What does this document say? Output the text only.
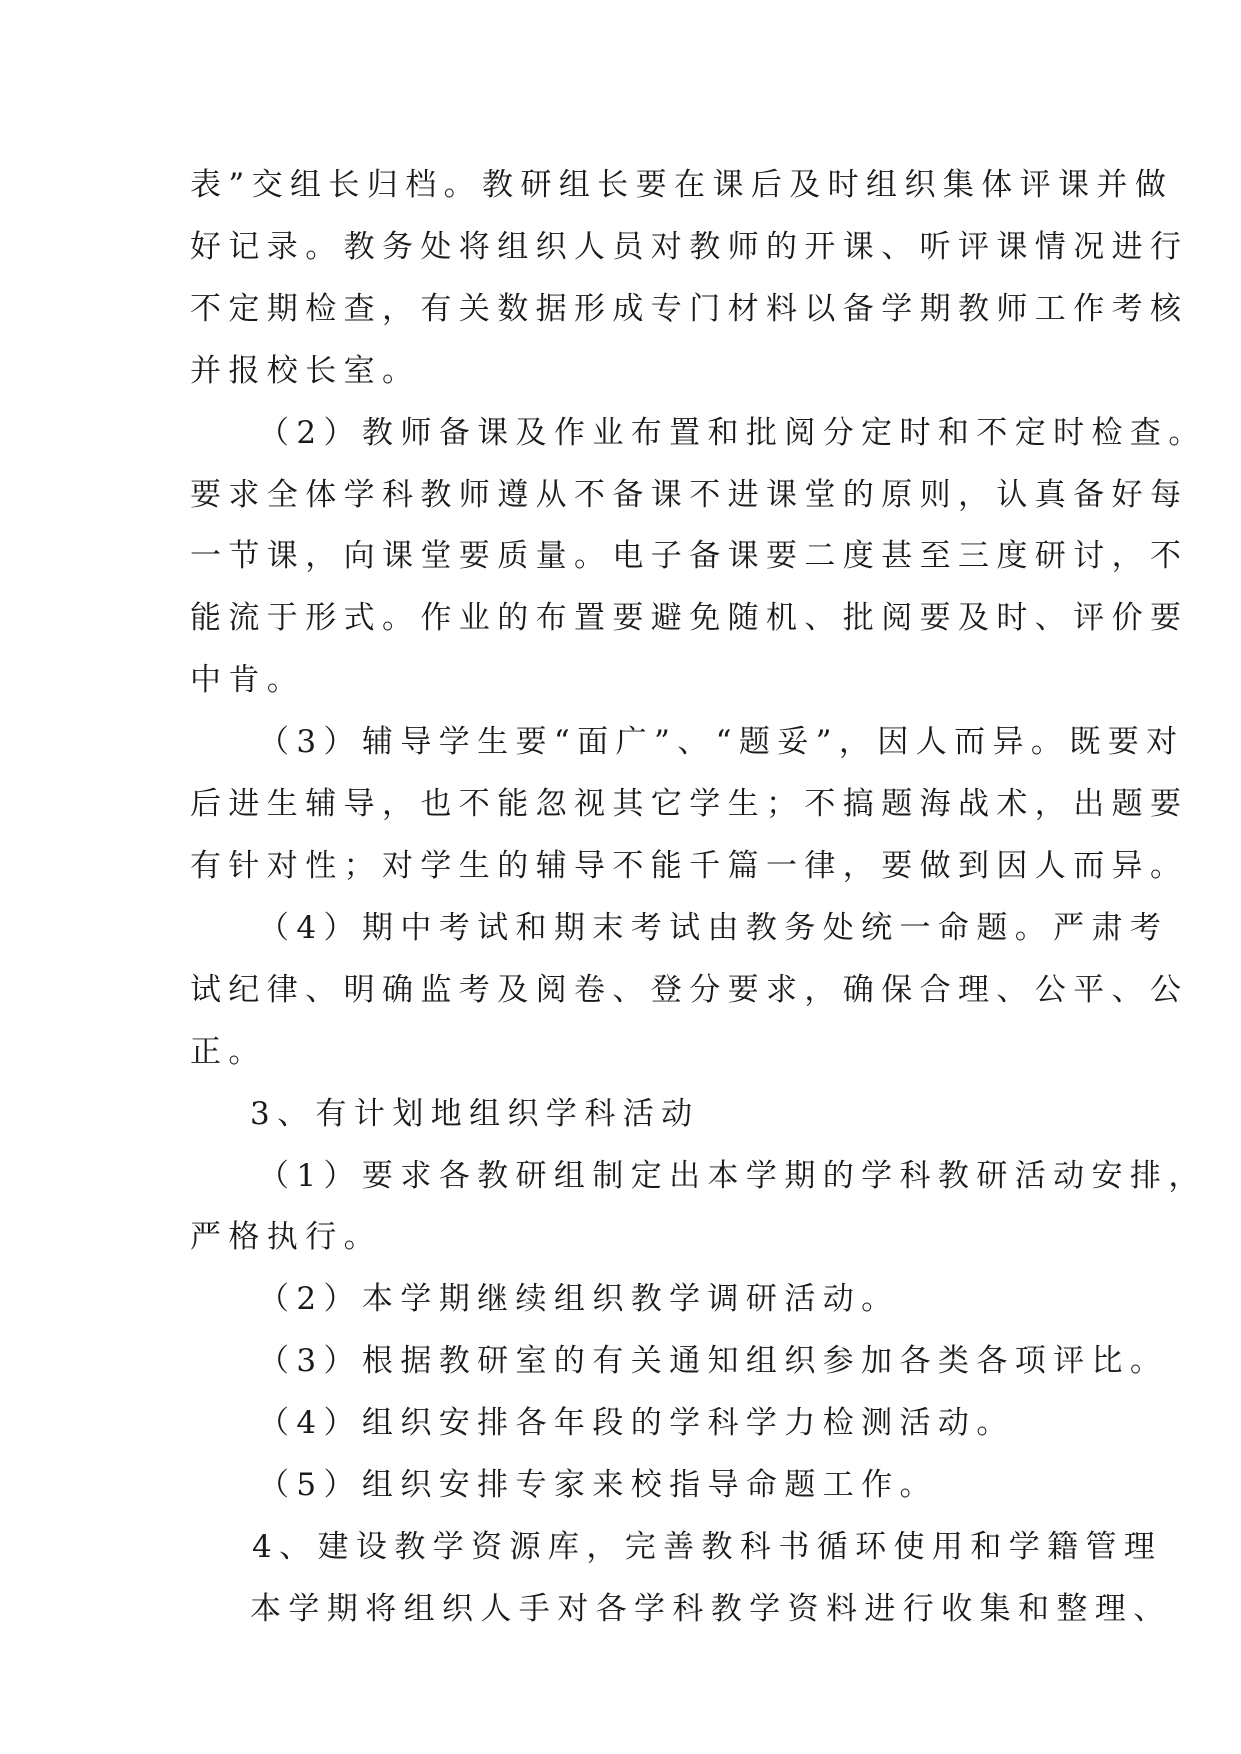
表”交组长归档。教研组长要在课后及时组织集体评课并做

好记录。教务处将组织人员对教师的开课、听评课情况进行

不定期检查，有关数据形成专门材料以备学期教师工作考核

并报校长室。

（2）教师备课及作业布置和批阅分定时和不定时检查。

要求全体学科教师遵从不备课不进课堂的原则，认真备好每

一节课，向课堂要质量。电子备课要二度甚至三度研讨，不

能流于形式。作业的布置要避免随机、批阅要及时、评价要

中肯。

（3）辅导学生要“面广”、“题妥”，因人而异。既要对

后进生辅导，也不能忽视其它学生；不搞题海战术，出题要

有针对性；对学生的辅导不能千篇一律，要做到因人而异。

（4）期中考试和期末考试由教务处统一命题。严肃考

试纪律、明确监考及阅卷、登分要求，确保合理、公平、公

正。

3、有计划地组织学科活动

（1）要求各教研组制定出本学期的学科教研活动安排，

严格执行。

（2）本学期继续组织教学调研活动。

（3）根据教研室的有关通知组织参加各类各项评比。

（4）组织安排各年段的学科学力检测活动。

（5）组织安排专家来校指导命题工作。

4、建设教学资源库，完善教科书循环使用和学籍管理

本学期将组织人手对各学科教学资料进行收集和整理、
